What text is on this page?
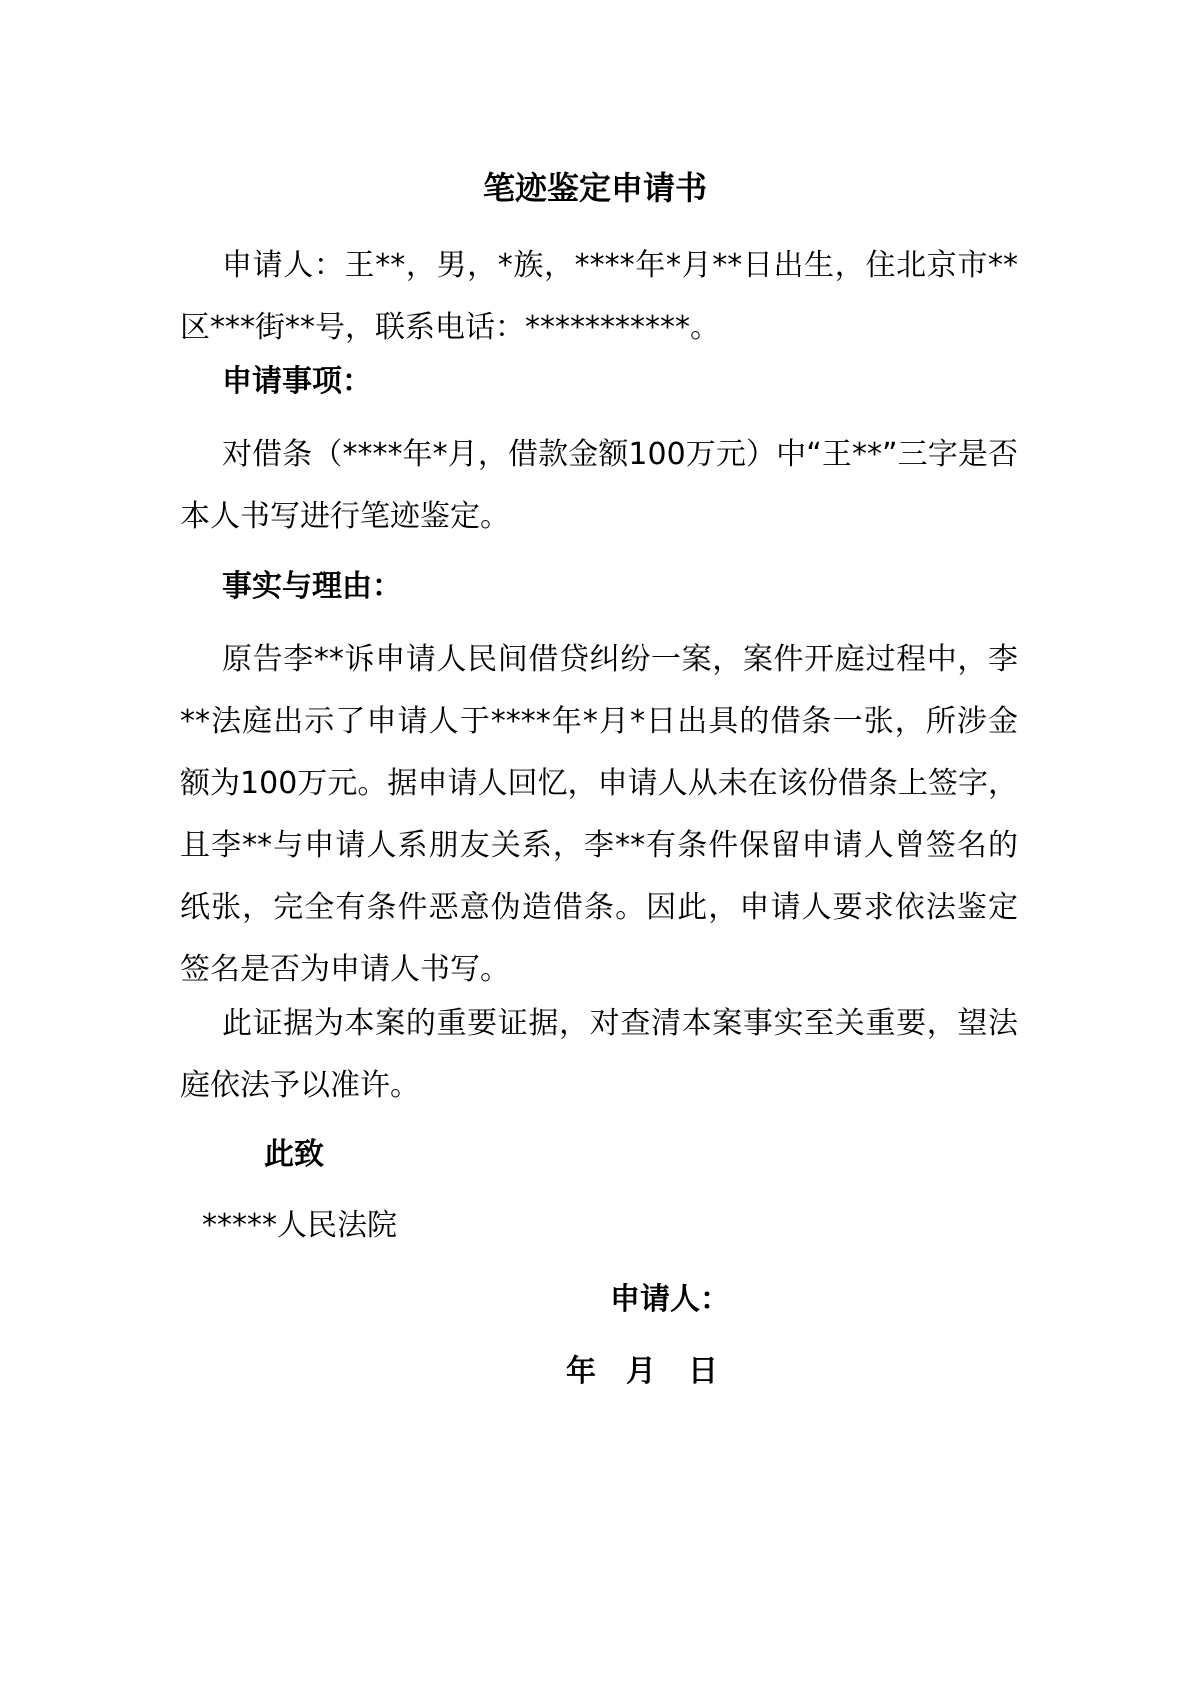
笔迹鉴定申请书
申请人：王**，男，*族，****年*月**日出生，住北京市**区***街**号，联系电话：***********。
申请事项：
对借条（****年*月，借款金额100万元）中“王**”三字是否本人书写进行笔迹鉴定。
事实与理由：
原告李**诉申请人民间借贷纠纷一案，案件开庭过程中，李**法庭出示了申请人于****年*月*日出具的借条一张，所涉金额为100万元。据申请人回忆，申请人从未在该份借条上签字，且李**与申请人系朋友关系，李**有条件保留申请人曾签名的纸张，完全有条件恶意伪造借条。因此，申请人要求依法鉴定签名是否为申请人书写。
此证据为本案的重要证据，对查清本案事实至关重要，望法庭依法予以准许。
此致
*****人民法院
申请人：
年 月 日
